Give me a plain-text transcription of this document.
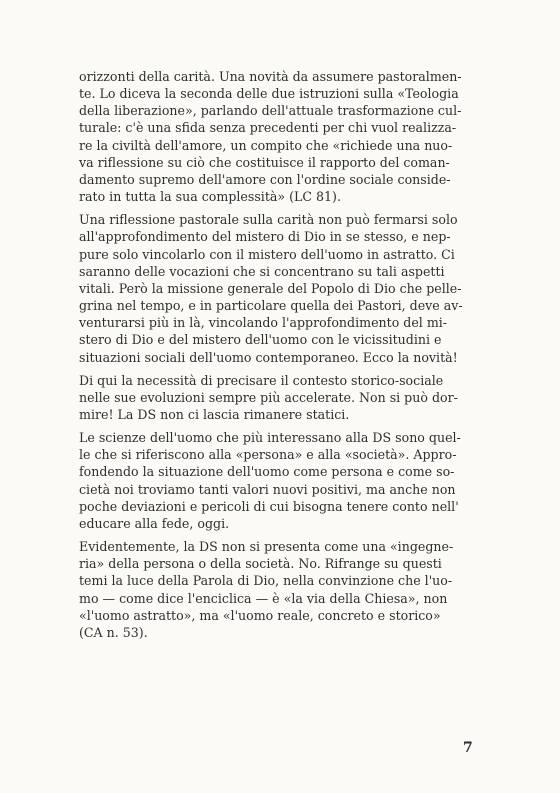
orizzonti della carità. Una novità da assumere pastoralmen-
te. Lo diceva la seconda delle due istruzioni sulla «Teologia
della liberazione», parlando dell'attuale trasformazione cul-
turale: c'è una sfida senza precedenti per chi vuol realizza-
re la civiltà dell'amore, un compito che «richiede una nuo-
va riflessione su ciò che costituisce il rapporto del coman-
damento supremo dell'amore con l'ordine sociale conside-
rato in tutta la sua complessità» (LC 81).

Una riflessione pastorale sulla carità non può fermarsi solo
all'approfondimento del mistero di Dio in se stesso, e nep-
pure solo vincolarlo con il mistero dell'uomo in astratto. Ci
saranno delle vocazioni che si concentrano su tali aspetti
vitali. Però la missione generale del Popolo di Dio che pelle-
grina nel tempo, e in particolare quella dei Pastori, deve av-
venturarsi più in là, vincolando l'approfondimento del mi-
stero di Dio e del mistero dell'uomo con le vicissitudini e
situazioni sociali dell'uomo contemporaneo. Ecco la novità!

Di qui la necessità di precisare il contesto storico-sociale
nelle sue evoluzioni sempre più accelerate. Non si può dor-
mire! La DS non ci lascia rimanere statici.

Le scienze dell'uomo che più interessano alla DS sono quel-
le che si riferiscono alla «persona» e alla «società». Appro-
fondendo la situazione dell'uomo come persona e come so-
cietà noi troviamo tanti valori nuovi positivi, ma anche non
poche deviazioni e pericoli di cui bisogna tenere conto nell'
educare alla fede, oggi.

Evidentemente, la DS non si presenta come una «ingegne-
ria» della persona o della società. No. Rifrange su questi
temi la luce della Parola di Dio, nella convinzione che l'uo-
mo — come dice l'enciclica — è «la via della Chiesa», non
«l'uomo astratto», ma «l'uomo reale, concreto e storico»
(CA n. 53).

7
